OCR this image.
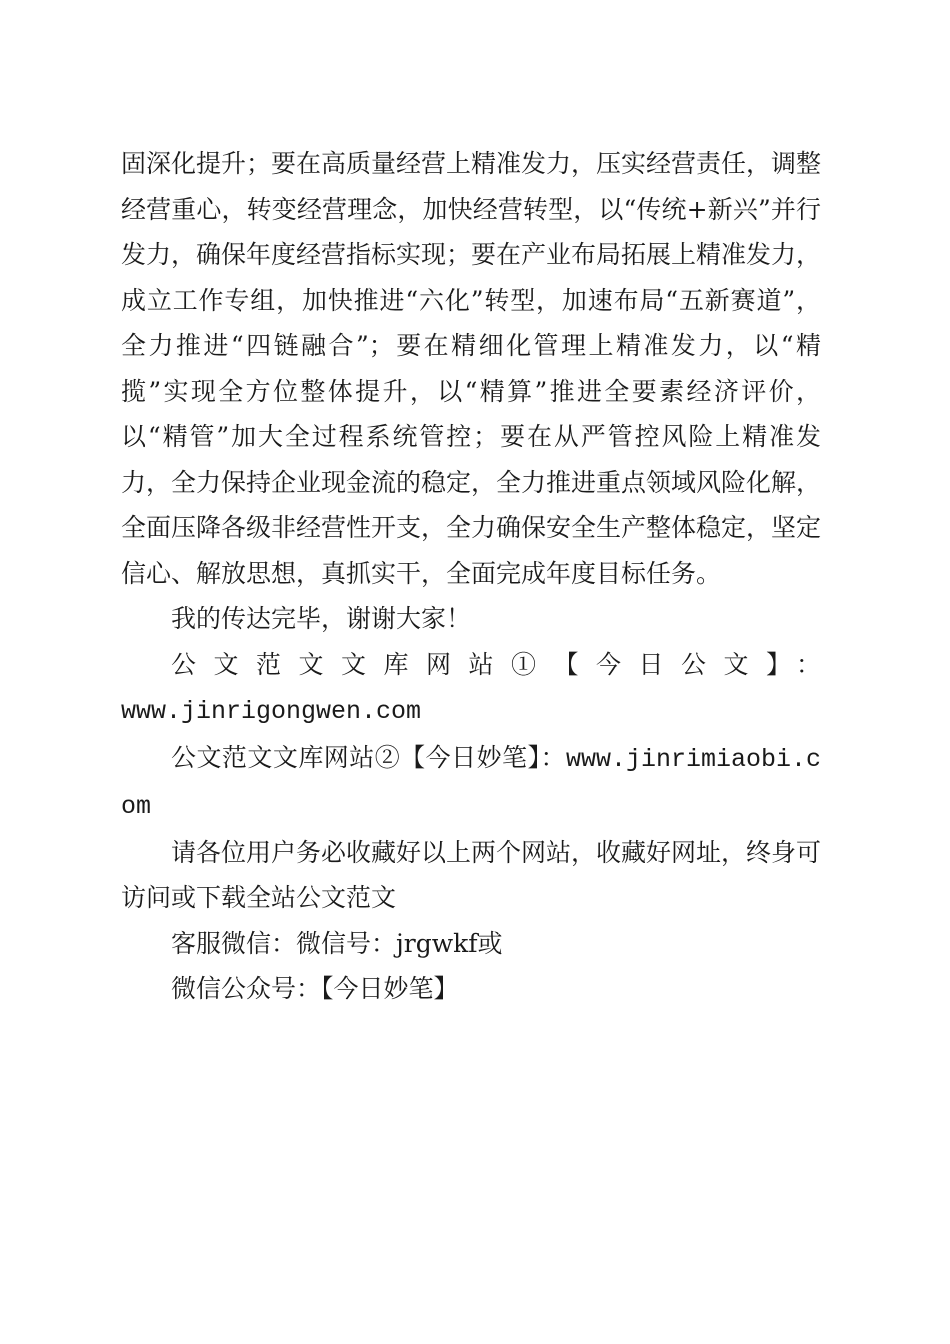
固深化提升；要在高质量经营上精准发力，压实经营责任，调整经营重心，转变经营理念，加快经营转型，以“传统+新兴”并行发力，确保年度经营指标实现；要在产业布局拓展上精准发力，成立工作专组，加快推进“六化”转型，加速布局“五新赛道”，全力推进“四链融合”；要在精细化管理上精准发力，以“精揽”实现全方位整体提升，以“精算”推进全要素经济评价，以“精管”加大全过程系统管控；要在从严管控风险上精准发力，全力保持企业现金流的稳定，全力推进重点领域风险化解，全面压降各级非经营性开支，全力确保安全生产整体稳定，坚定信心、解放思想，真抓实干，全面完成年度目标任务。

我的传达完毕，谢谢大家！

公文范文文库网站①【今日公文】：

www.jinrigongwen.com

公文范文文库网站②【今日妙笔】：www.jinrimiaobi.com

请各位用户务必收藏好以上两个网站，收藏好网址，终身可访问或下载全站公文范文

客服微信：微信号：jrgwkf或

微信公众号：【今日妙笔】
